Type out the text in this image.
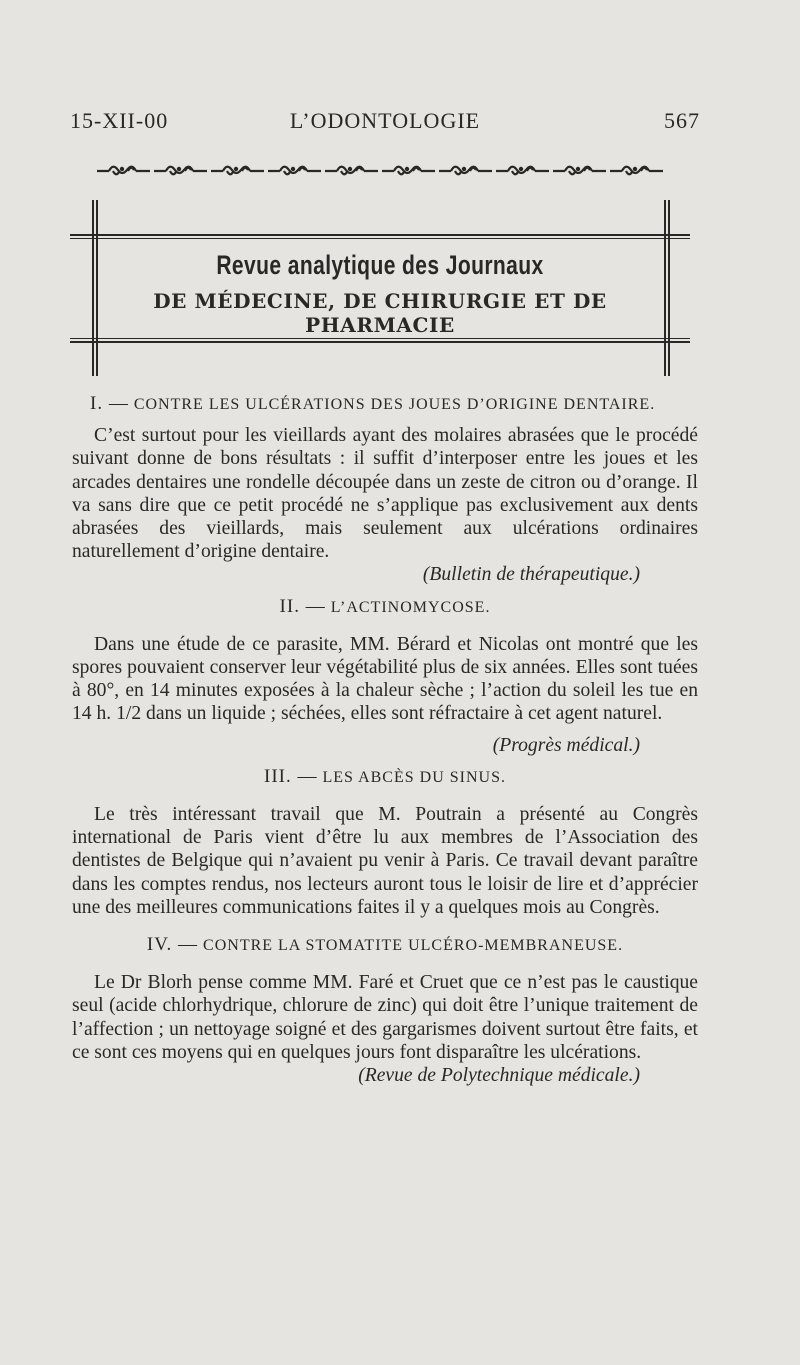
15-XII-00	L’ODONTOLOGIE	567
Revue analytique des Journaux
DE MÉDECINE, DE CHIRURGIE ET DE PHARMACIE
I. — CONTRE LES ULCÉRATIONS DES JOUES D’ORIGINE DENTAIRE.

C’est surtout pour les vieillards ayant des molaires abrasées que le procédé suivant donne de bons résultats : il suffit d’interposer entre les joues et les arcades dentaires une rondelle découpée dans un zeste de citron ou d’orange. Il va sans dire que ce petit procédé ne s’applique pas exclusivement aux dents abrasées des vieillards, mais seulement aux ulcérations ordinaires naturellement d’origine dentaire.

(Bulletin de thérapeutique.)

II. — L’ACTINOMYCOSE.

Dans une étude de ce parasite, MM. Bérard et Nicolas ont montré que les spores pouvaient conserver leur végétabilité plus de six années. Elles sont tuées à 80°, en 14 minutes exposées à la chaleur sèche ; l’action du soleil les tue en 14 h. 1/2 dans un liquide ; séchées, elles sont réfractaire à cet agent naturel.

(Progrès médical.)

III. — LES ABCÈS DU SINUS.

Le très intéressant travail que M. Poutrain a présenté au Congrès international de Paris vient d’être lu aux membres de l’Association des dentistes de Belgique qui n’avaient pu venir à Paris. Ce travail devant paraître dans les comptes rendus, nos lecteurs auront tous le loisir de lire et d’apprécier une des meilleures communications faites il y a quelques mois au Congrès.

IV. — CONTRE LA STOMATITE ULCÉRO-MEMBRANEUSE.

Le Dr Blorh pense comme MM. Faré et Cruet que ce n’est pas le caustique seul (acide chlorhydrique, chlorure de zinc) qui doit être l’unique traitement de l’affection ; un nettoyage soigné et des gargarismes doivent surtout être faits, et ce sont ces moyens qui en quelques jours font disparaître les ulcérations.

(Revue de Polytechnique médicale.)
